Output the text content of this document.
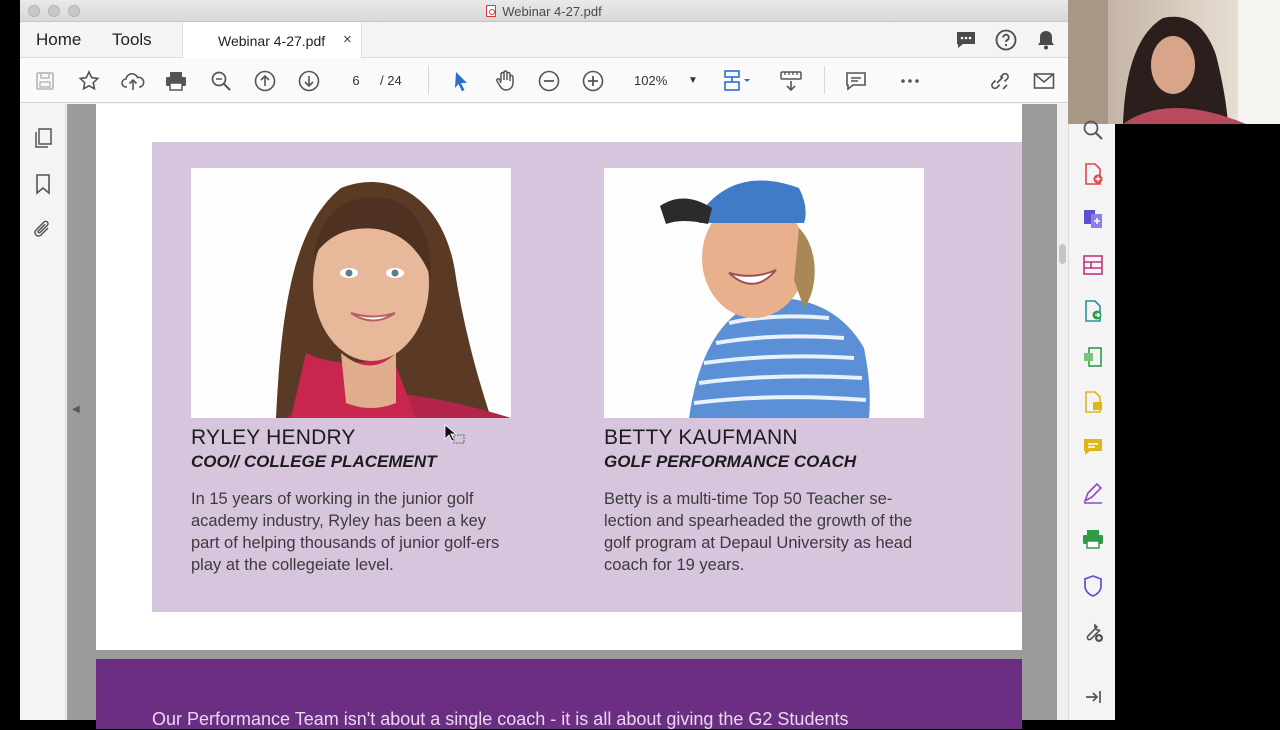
Webinar 4-27.pdf
Home Tools	Webinar 4-27.pdf ×
6	/ 24	102% ▼
◀
RYLEY HENDRY
COO// COLLEGE PLACEMENT
In 15 years of working in the junior golf academy industry, Ryley has been a key part of helping thousands of junior golf-ers play at the collegeiate level.
BETTY KAUFMANN
GOLF PERFORMANCE COACH
Betty is a multi-time Top 50 Teacher se-lection and spearheaded the growth of the golf program at Depaul University as head coach for 19 years.
Our Performance Team isn't about a single coach - it is all about giving the G2 Students
